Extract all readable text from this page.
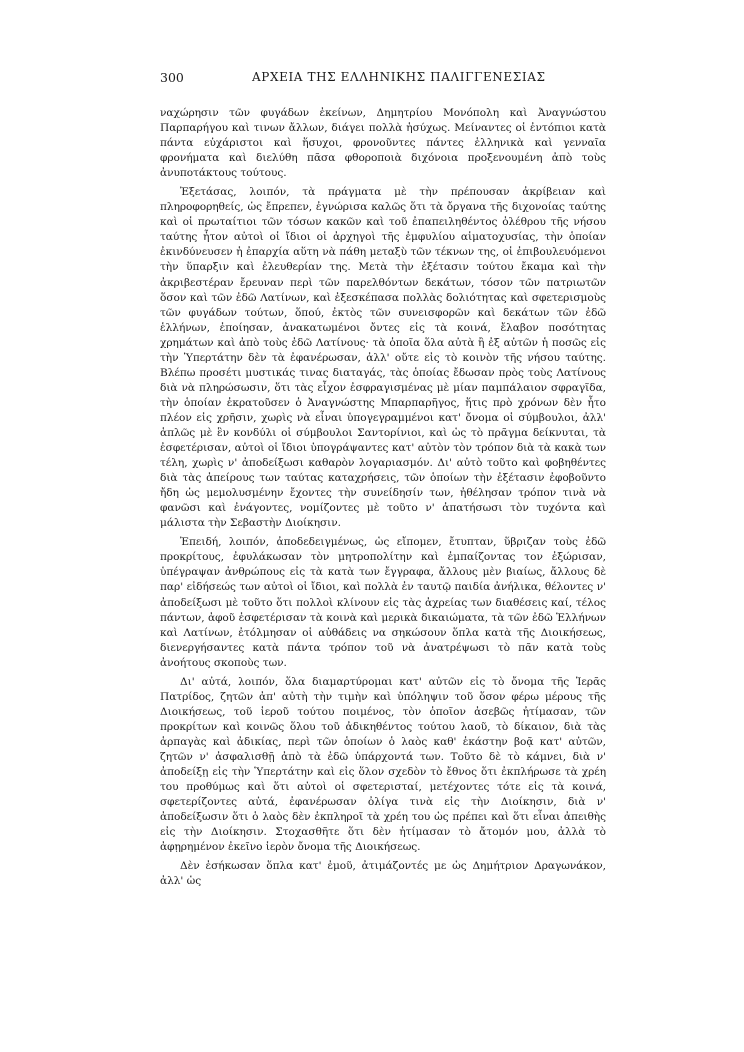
300	ΑΡΧΕΙΑ ΤΗΣ ΕΛΛΗΝΙΚΗΣ ΠΑΛΙΓΓΕΝΕΣΙΑΣ

ναχώρησιν τῶν φυγάδων ἐκείνων, Δημητρίου Μονόπολη καὶ Ἀναγνώστου Παρπαρήγου καὶ τινων ἄλλων, διάγει πολλὰ ἡσύχως. Μείναντες οἱ ἐντόπιοι κατὰ πάντα εὐχάριστοι καὶ ἥσυχοι, φρονοῦντες πάντες ἑλληνικὰ καὶ γενναῖα φρονήματα καὶ διελύθη πᾶσα φθοροποιὰ διχόνοια προξενουμένη ἀπὸ τοὺς ἀνυποτάκτους τούτους.

Ἐξετάσας, λοιπόν, τὰ πράγματα μὲ τὴν πρέπουσαν ἀκρίβειαν καὶ πληροφορηθείς, ὡς ἔπρεπεν, ἐγνώρισα καλῶς ὅτι τὰ ὄργανα τῆς διχονοίας ταύτης καὶ οἱ πρωταίτιοι τῶν τόσων κακῶν καὶ τοῦ ἐπαπειληθέντος ὀλέθρου τῆς νήσου ταύτης ἦτον αὐτοὶ οἱ ἴδιοι οἱ ἀρχηγοὶ τῆς ἐμφυλίου αἱματοχυσίας, τὴν ὁποίαν ἐκινδύνευσεν ἡ ἐπαρχία αὕτη νὰ πάθη μεταξὺ τῶν τέκνων της, οἱ ἐπιβουλευόμενοι τὴν ὕπαρξιν καὶ ἐλευθερίαν της. Μετὰ τὴν ἐξέτασιν τούτου ἔκαμα καὶ τὴν ἀκριβεστέραν ἔρευναν περὶ τῶν παρελθόντων δεκάτων, τόσον τῶν πατριωτῶν ὅσον καὶ τῶν ἐδῶ Λατίνων, καὶ ἐξεσκέπασα πολλὰς δολιότητας καὶ σφετερισμοὺς τῶν φυγάδων τούτων, ὅπού, ἐκτὸς τῶν συνεισφορῶν καὶ δεκάτων τῶν ἐδῶ ἑλλήνων, ἐποίησαν, ἀνακατωμένοι ὄντες εἰς τὰ κοινά, ἔλαβον ποσότητας χρημάτων καὶ ἀπὸ τοὺς ἐδῶ Λατίνους· τὰ ὁποῖα ὅλα αὐτὰ ἢ ἐξ αὐτῶν ἡ ποσῶς εἰς τὴν Ὑπερτάτην δὲν τὰ ἐφανέρωσαν, ἀλλ' οὔτε εἰς τὸ κοινὸν τῆς νήσου ταύτης. Βλέπω προσέτι μυστικάς τινας διαταγάς, τὰς ὁποίας ἔδωσαν πρὸς τοὺς Λατίνους διὰ νὰ πληρώσωσιν, ὅτι τὰς εἶχον ἐσφραγισμένας μὲ μίαν παμπάλαιον σφραγῖδα, τὴν ὁποίαν ἐκρατοῦσεν ὁ Ἀναγνώστης Μπαρπαρῆγος, ἥτις πρὸ χρόνων δὲν ἦτο πλέον εἰς χρῆσιν, χωρὶς νὰ εἶναι ὑπογεγραμμένοι κατ' ὄνομα οἱ σύμβουλοι, ἀλλ' ἁπλῶς μὲ ἓν κονδύλι οἱ σύμβουλοι Σαντορίνιοι, καὶ ὡς τὸ πρᾶγμα δείκνυται, τὰ ἐσφετέρισαν, αὐτοὶ οἱ ἴδιοι ὑπογράψαντες κατ' αὐτὸν τὸν τρόπον διὰ τὰ κακὰ των τέλη, χωρὶς ν' ἀποδείξωσι καθαρὸν λογαριασμόν. Δι' αὐτὸ τοῦτο καὶ φοβηθέντες διὰ τὰς ἀπείρους των ταύτας καταχρήσεις, τῶν ὁποίων τὴν ἐξέτασιν ἐφοβοῦντο ἤδη ὡς μεμολυσμένην ἔχοντες τὴν συνείδησίν των, ἠθέλησαν τρόπον τινὰ νὰ φανῶσι καὶ ἐνάγοντες, νομίζοντες μὲ τοῦτο ν' ἀπατήσωσι τὸν τυχόντα καὶ μάλιστα τὴν Σεβαστὴν Διοίκησιν.

Ἐπειδή, λοιπόν, ἀποδεδειγμένως, ὡς εἴπομεν, ἔτυπταν, ὕβριζαν τοὺς ἐδῶ προκρίτους, ἐφυλάκωσαν τὸν μητροπολίτην καὶ ἐμπαίζοντας τον ἐξώρισαν, ὑπέγραψαν ἀνθρώπους εἰς τὰ κατὰ των ἔγγραφα, ἄλλους μὲν βιαίως, ἄλλους δὲ παρ' εἰδήσεώς των αὐτοὶ οἱ ἴδιοι, καὶ πολλὰ ἐν ταυτῷ παιδία ἀνήλικα, θέλοντες ν' ἀποδείξωσι μὲ τοῦτο ὅτι πολλοὶ κλίνουν εἰς τὰς ἀχρείας των διαθέσεις καί, τέλος πάντων, ἀφοῦ ἐσφετέρισαν τὰ κοινὰ καὶ μερικὰ δικαιώματα, τὰ τῶν ἐδῶ Ἑλλήνων καὶ Λατίνων, ἐτόλμησαν οἱ αὐθάδεις να σηκώσουν ὅπλα κατὰ τῆς Διοικήσεως, διενεργήσαντες κατὰ πάντα τρόπον τοῦ νὰ ἀνατρέψωσι τὸ πᾶν κατὰ τοὺς ἀνοήτους σκοποὺς των.

Δι' αὐτά, λοιπόν, ὅλα διαμαρτύρομαι κατ' αὐτῶν εἰς τὸ ὄνομα τῆς Ἱερᾶς Πατρίδος, ζητῶν ἀπ' αὐτὴ τὴν τιμὴν καὶ ὑπόληψιν τοῦ ὅσον φέρω μέρους τῆς Διοικήσεως, τοῦ ἱεροῦ τούτου ποιμένος, τὸν ὁποῖον ἀσεβῶς ἠτίμασαν, τῶν προκρίτων καὶ κοινῶς ὅλου τοῦ ἀδικηθέντος τούτου λαοῦ, τὸ δίκαιον, διὰ τὰς ἁρπαγὰς καὶ ἀδικίας, περὶ τῶν ὁποίων ὁ λαὸς καθ' ἑκάστην βοᾷ κατ' αὐτῶν, ζητῶν ν' ἀσφαλισθῇ ἀπὸ τὰ ἐδῶ ὑπάρχοντά των. Τοῦτο δὲ τὸ κάμνει, διὰ ν' ἀποδείξῃ εἰς τὴν Ὑπερτάτην καὶ εἰς ὅλον σχεδὸν τὸ ἔθνος ὅτι ἐκπλήρωσε τὰ χρέη του προθύμως καὶ ὅτι αὐτοὶ οἱ σφετερισταί, μετέχοντες τότε εἰς τὰ κοινά, σφετερίζοντες αὐτά, ἐφανέρωσαν ὀλίγα τινὰ εἰς τὴν Διοίκησιν, διὰ ν' ἀποδείξωσιν ὅτι ὁ λαὸς δὲν ἐκπληροῖ τὰ χρέη του ὡς πρέπει καὶ ὅτι εἶναι ἀπειθὴς εἰς τὴν Διοίκησιν. Στοχασθῆτε ὅτι δὲν ἠτίμασαν τὸ ἄτομόν μου, ἀλλὰ τὸ ἀφῃρημένον ἐκεῖνο ἱερὸν ὄνομα τῆς Διοικήσεως.

Δὲν ἐσήκωσαν ὅπλα κατ' ἐμοῦ, ἀτιμάζοντές με ὡς Δημήτριον Δραγωνάκον, ἀλλ' ὡς
